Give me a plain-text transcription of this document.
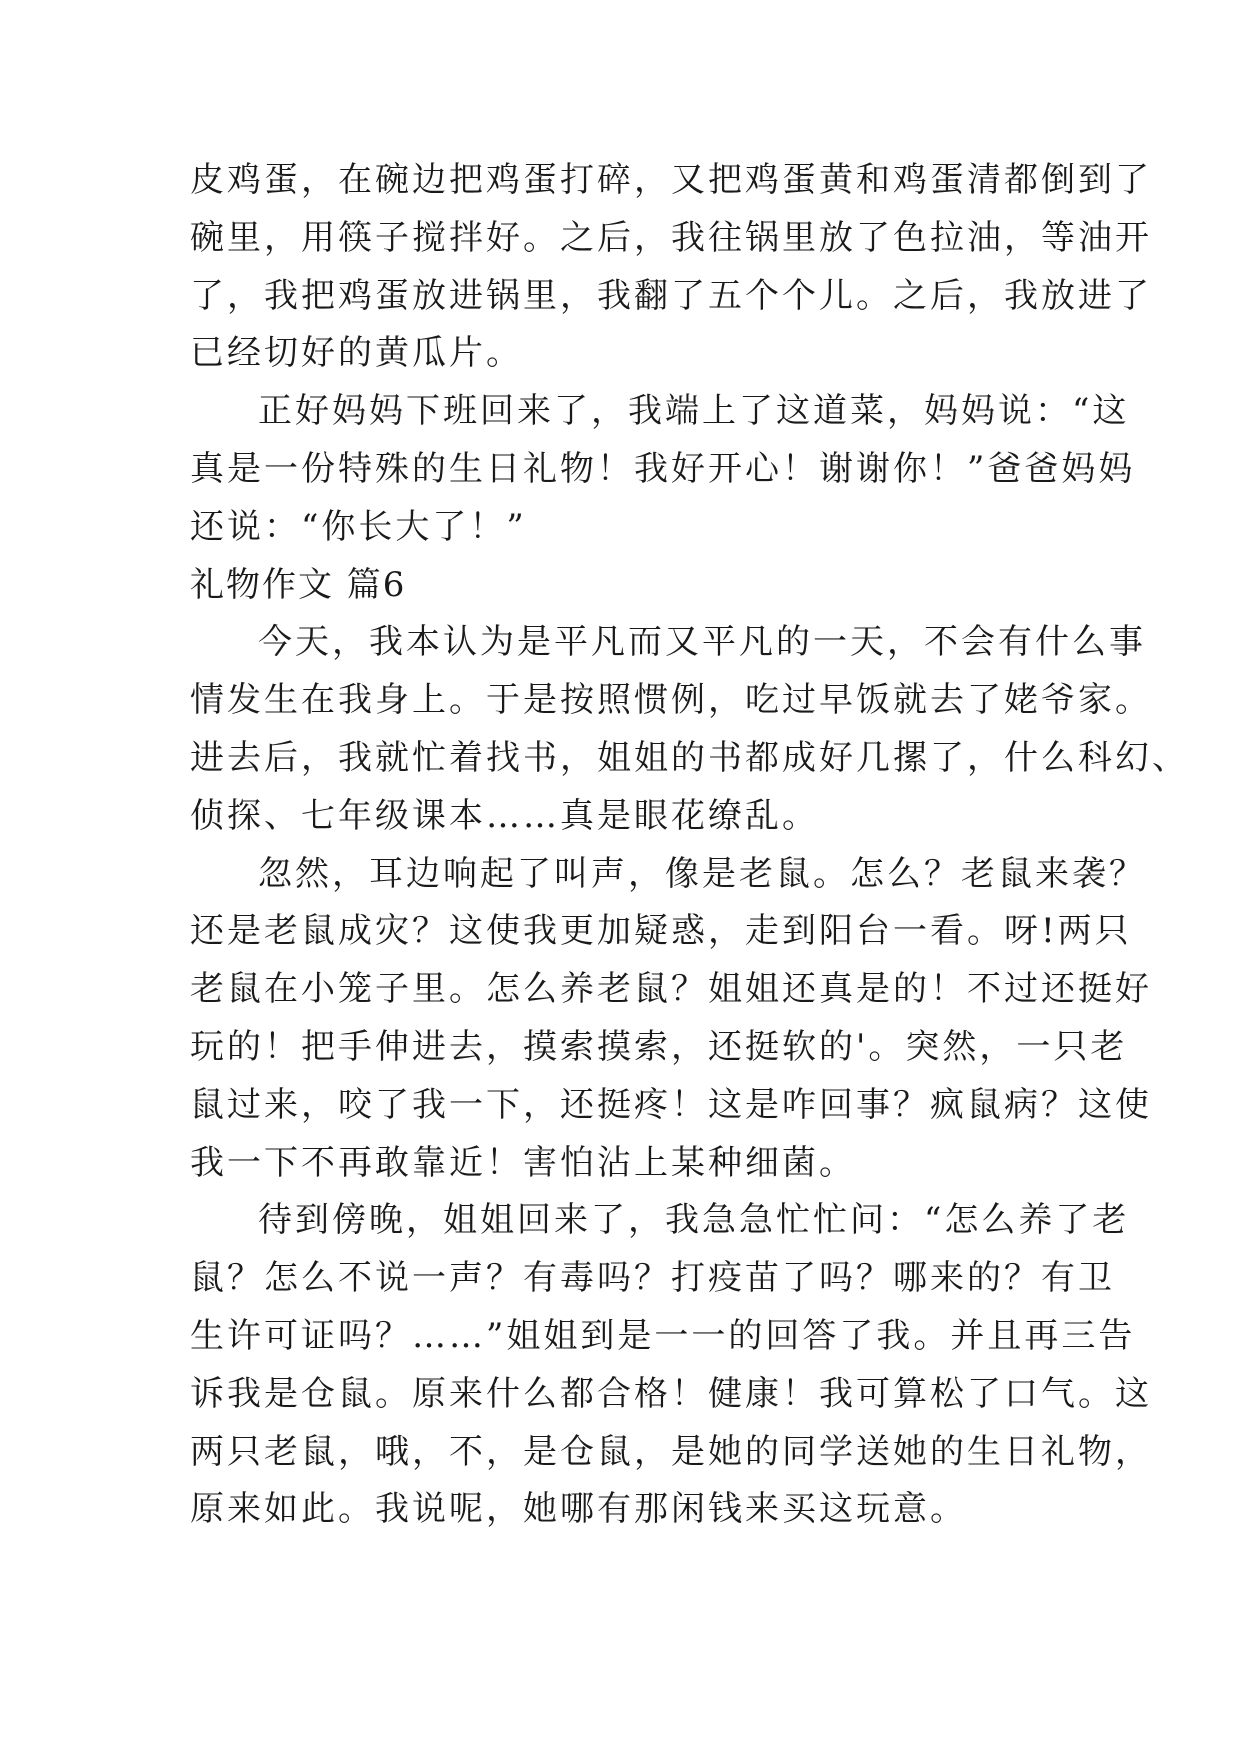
皮鸡蛋，在碗边把鸡蛋打碎，又把鸡蛋黄和鸡蛋清都倒到了
碗里，用筷子搅拌好。之后，我往锅里放了色拉油，等油开
了，我把鸡蛋放进锅里，我翻了五个个儿。之后，我放进了
已经切好的黄瓜片。
正好妈妈下班回来了，我端上了这道菜，妈妈说：“这
真是一份特殊的生日礼物！我好开心！谢谢你！”爸爸妈妈
还说：“你长大了！”
礼物作文 篇6
今天，我本认为是平凡而又平凡的一天，不会有什么事
情发生在我身上。于是按照惯例，吃过早饭就去了姥爷家。
进去后，我就忙着找书，姐姐的书都成好几摞了，什么科幻、
侦探、七年级课本……真是眼花缭乱。
忽然，耳边响起了叫声，像是老鼠。怎么？老鼠来袭？
还是老鼠成灾？这使我更加疑惑，走到阳台一看。呀!两只
老鼠在小笼子里。怎么养老鼠？姐姐还真是的！不过还挺好
玩的！把手伸进去，摸索摸索，还挺软的'。突然，一只老
鼠过来，咬了我一下，还挺疼！这是咋回事？疯鼠病？这使
我一下不再敢靠近！害怕沾上某种细菌。
待到傍晚，姐姐回来了，我急急忙忙问：“怎么养了老
鼠？怎么不说一声？有毒吗？打疫苗了吗？哪来的？有卫
生许可证吗？……”姐姐到是一一的回答了我。并且再三告
诉我是仓鼠。原来什么都合格！健康！我可算松了口气。这
两只老鼠，哦，不，是仓鼠，是她的同学送她的生日礼物，
原来如此。我说呢，她哪有那闲钱来买这玩意。
